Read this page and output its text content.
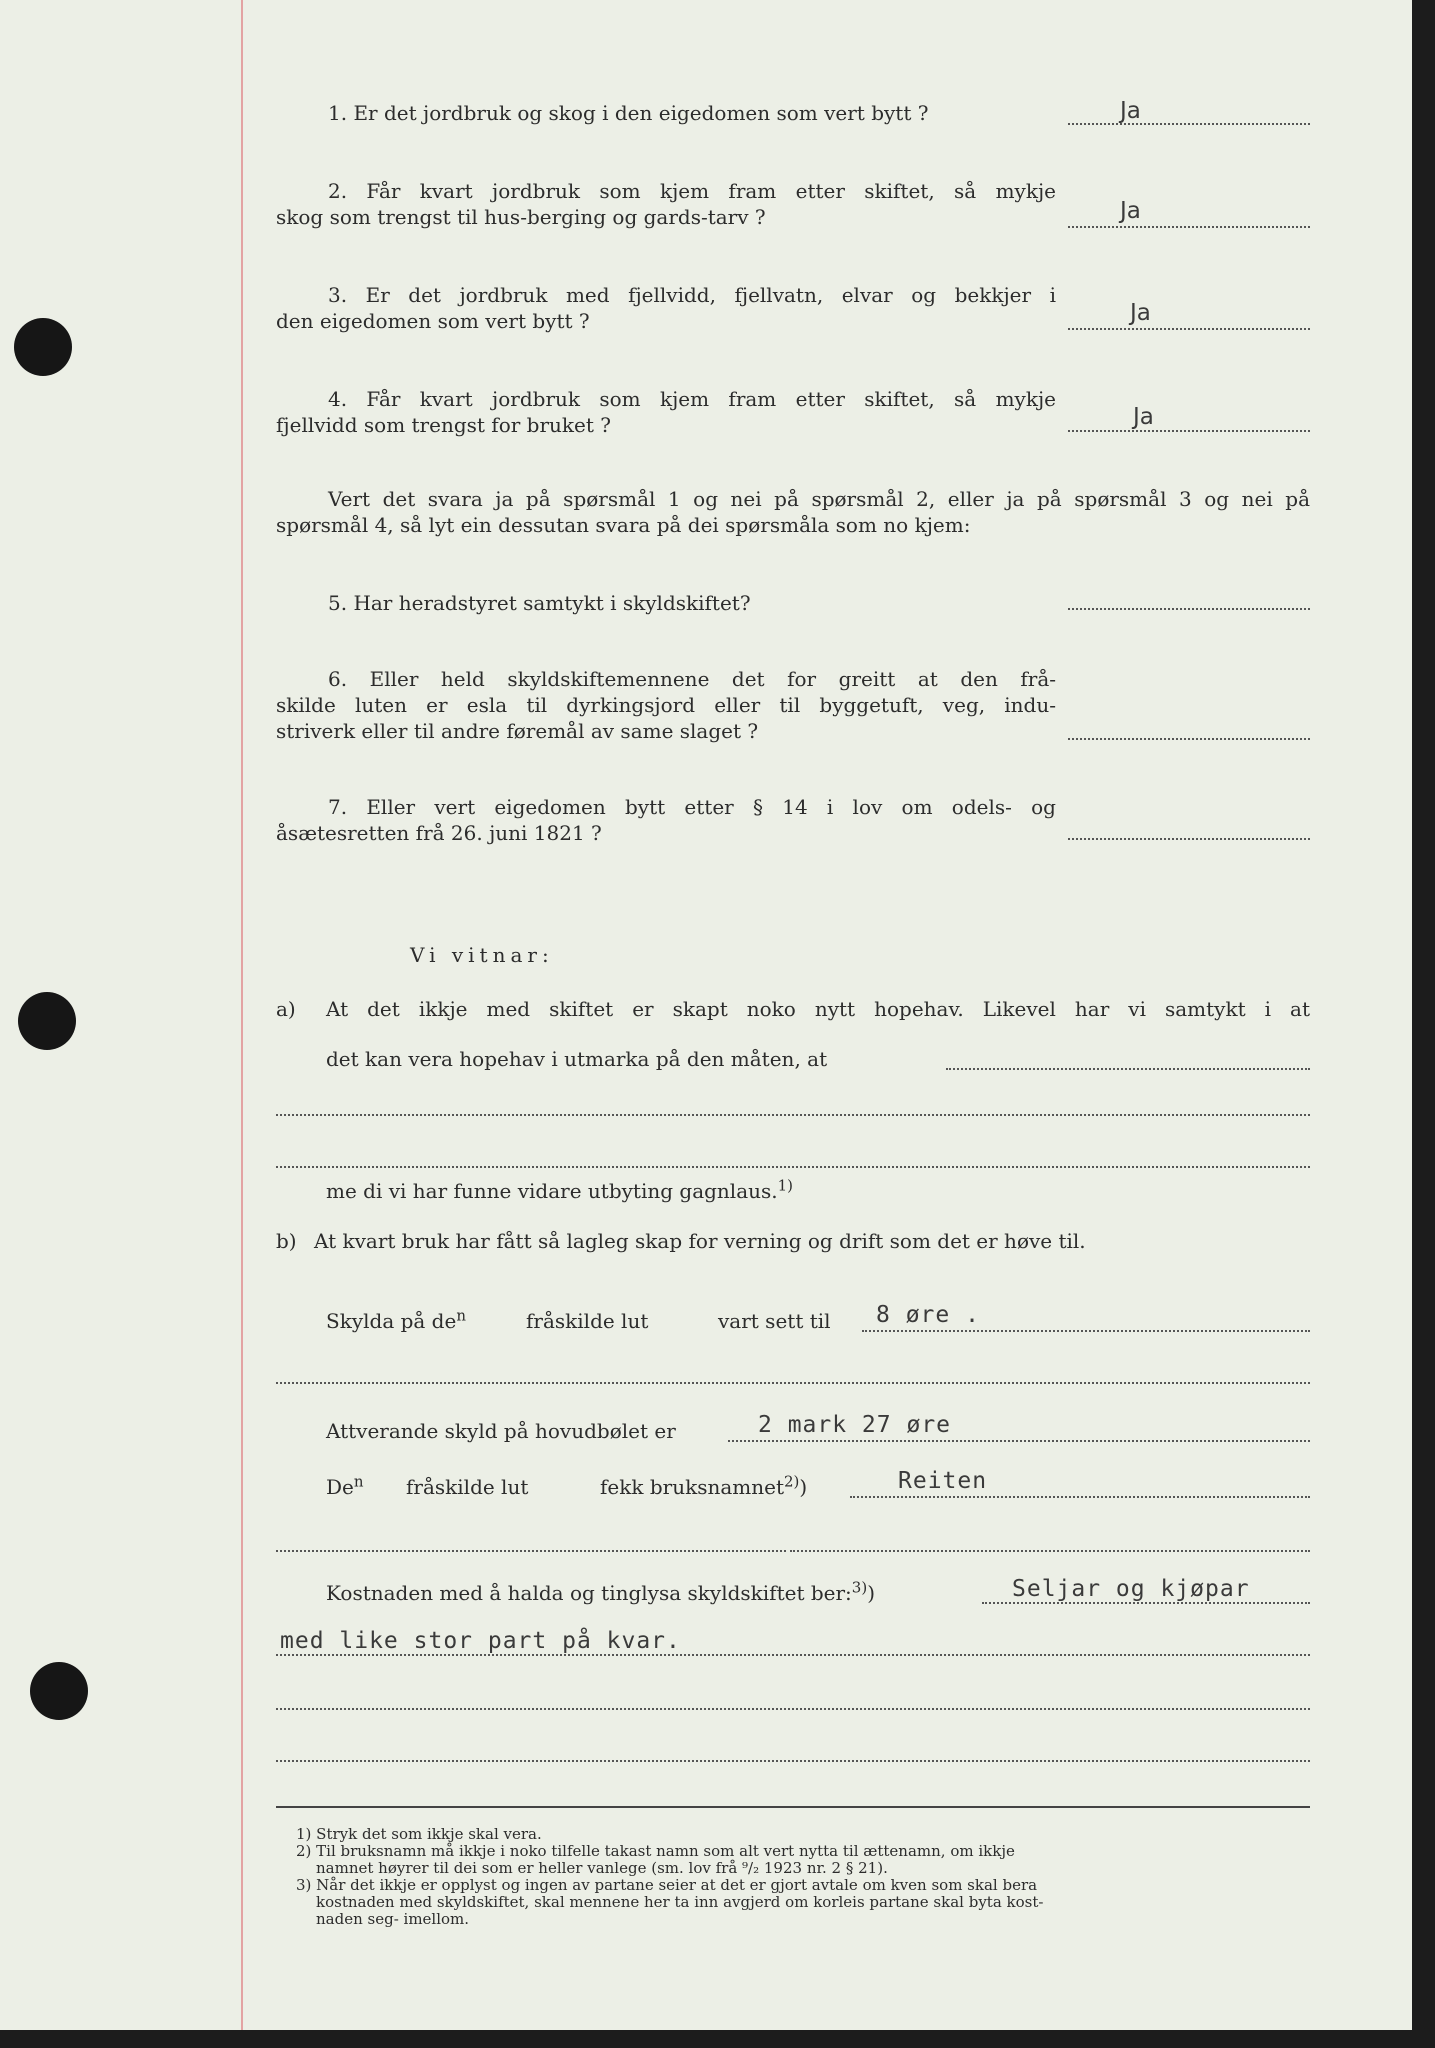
1. Er det jordbruk og skog i den eigedomen som vert bytt ?	Ja
2. Får kvart jordbruk som kjem fram etter skiftet, så mykje
skog som trengst til hus-berging og gards-tarv ?	Ja
3. Er det jordbruk med fjellvidd, fjellvatn, elvar og bekkjer i
den eigedomen som vert bytt ?	Ja
4. Får kvart jordbruk som kjem fram etter skiftet, så mykje
fjellvidd som trengst for bruket ?	Ja
Vert det svara ja på spørsmål 1 og nei på spørsmål 2, eller ja på spørsmål 3 og nei på
spørsmål 4, så lyt ein dessutan svara på dei spørsmåla som no kjem:
5. Har heradstyret samtykt i skyldskiftet?
6. Eller held skyldskiftemennene det for greitt at den frå-
skilde luten er esla til dyrkingsjord eller til byggetuft, veg, indu-
striverk eller til andre føremål av same slaget ?
7. Eller vert eigedomen bytt etter § 14 i lov om odels- og
åsætesretten frå 26. juni 1821 ?
Vi vitnar:
a) At det ikkje med skiftet er skapt noko nytt hopehav. Likevel har vi samtykt i at
det kan vera hopehav i utmarka på den måten, at
me di vi har funne vidare utbyting gagnlaus.$^{1)}$
b) At kvart bruk har fått så lagleg skap for verning og drift som det er høve til.
Skylda på $de^n$	fråskilde lut	vart sett til 8 øre .
Attverande skyld på hovudbølet er	2 mark 27 øre
De$^n$ fråskilde lut	fekk bruksnamnet$^{2)}$)	Reiten
Kostnaden med å halda og tinglysa skyldskiftet ber:$^{3)}$)	Seljar og kjøpar
med like stor part på kvar.
1) Stryk det som ikkje skal vera.
2) Til bruksnamn må ikkje i noko tilfelle takast namn som alt vert nytta til ættenamn, om ikkje
namnet høyrer til dei som er heller vanlege (sm. lov frå ⁹/₂ 1923 nr. 2 § 21).
3) Når det ikkje er opplyst og ingen av partane seier at det er gjort avtale om kven som skal bera
kostnaden med skyldskiftet, skal mennene her ta inn avgjerd om korleis partane skal byta kost-
naden seg- imellom.
